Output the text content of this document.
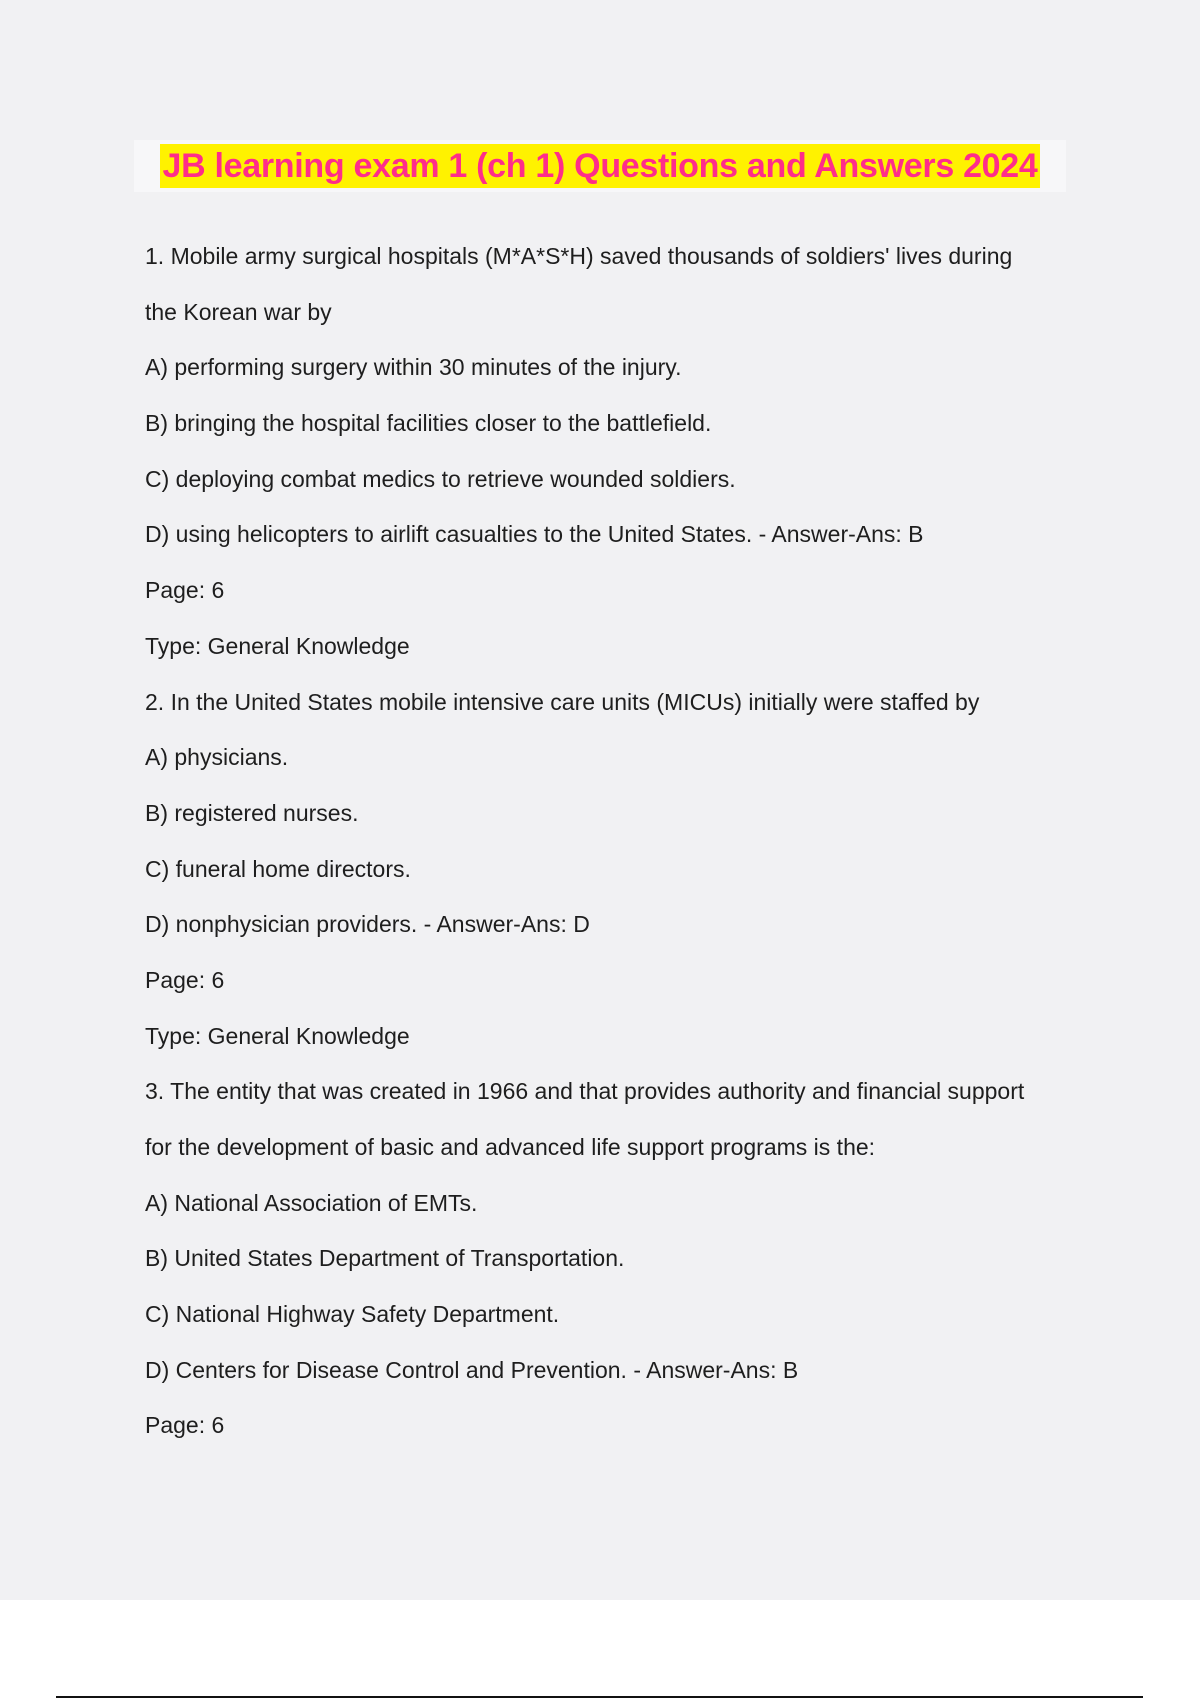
JB learning exam 1 (ch 1) Questions and Answers 2024
1. Mobile army surgical hospitals (M*A*S*H) saved thousands of soldiers' lives during
the Korean war by
A) performing surgery within 30 minutes of the injury.
B) bringing the hospital facilities closer to the battlefield.
C) deploying combat medics to retrieve wounded soldiers.
D) using helicopters to airlift casualties to the United States. - Answer-Ans: B
Page: 6
Type: General Knowledge
2. In the United States mobile intensive care units (MICUs) initially were staffed by
A) physicians.
B) registered nurses.
C) funeral home directors.
D) nonphysician providers. - Answer-Ans: D
Page: 6
Type: General Knowledge
3. The entity that was created in 1966 and that provides authority and financial support
for the development of basic and advanced life support programs is the:
A) National Association of EMTs.
B) United States Department of Transportation.
C) National Highway Safety Department.
D) Centers for Disease Control and Prevention. - Answer-Ans: B
Page: 6
